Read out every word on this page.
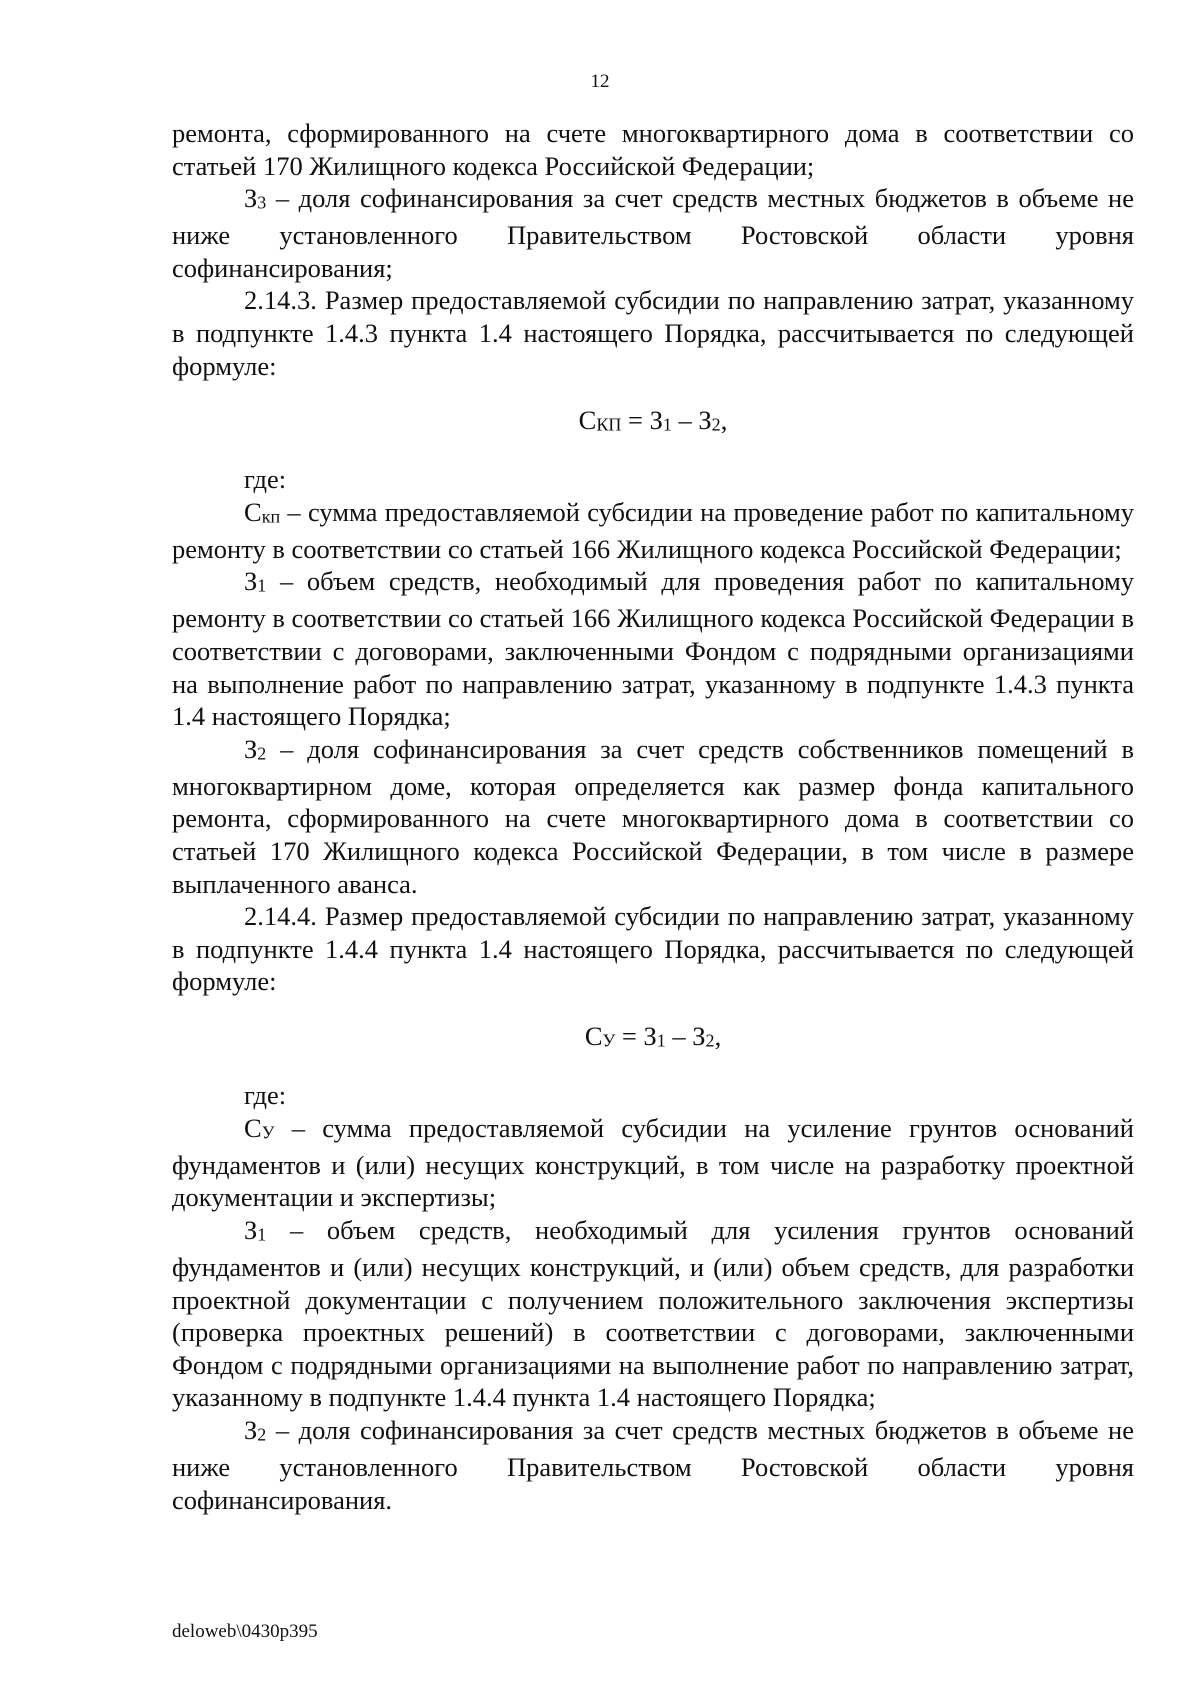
12

ремонта, сформированного на счете многоквартирного дома в соответствии со статьей 170 Жилищного кодекса Российской Федерации;

З3 – доля софинансирования за счет средств местных бюджетов в объеме не ниже установленного Правительством Ростовской области уровня софинансирования;

2.14.3. Размер предоставляемой субсидии по направлению затрат, указанному в подпункте 1.4.3 пункта 1.4 настоящего Порядка, рассчитывается по следующей формуле:

СКП = З1 – З2,

где:

Скп – сумма предоставляемой субсидии на проведение работ по капитальному ремонту в соответствии со статьей 166 Жилищного кодекса Российской Федерации;

З1 – объем средств, необходимый для проведения работ по капитальному ремонту в соответствии со статьей 166 Жилищного кодекса Российской Федерации в соответствии с договорами, заключенными Фондом с подрядными организациями на выполнение работ по направлению затрат, указанному в подпункте 1.4.3 пункта 1.4 настоящего Порядка;

З2 – доля софинансирования за счет средств собственников помещений в многоквартирном доме, которая определяется как размер фонда капитального ремонта, сформированного на счете многоквартирного дома в соответствии со статьей 170 Жилищного кодекса Российской Федерации, в том числе в размере выплаченного аванса.

2.14.4. Размер предоставляемой субсидии по направлению затрат, указанному в подпункте 1.4.4 пункта 1.4 настоящего Порядка, рассчитывается по следующей формуле:

СУ = З1 – З2,

где:

СУ – сумма предоставляемой субсидии на усиление грунтов оснований фундаментов и (или) несущих конструкций, в том числе на разработку проектной документации и экспертизы;

З1 – объем средств, необходимый для усиления грунтов оснований фундаментов и (или) несущих конструкций, и (или) объем средств, для разработки проектной документации с получением положительного заключения экспертизы (проверка проектных решений) в соответствии с договорами, заключенными Фондом с подрядными организациями на выполнение работ по направлению затрат, указанному в подпункте 1.4.4 пункта 1.4 настоящего Порядка;

З2 – доля софинансирования за счет средств местных бюджетов в объеме не ниже установленного Правительством Ростовской области уровня софинансирования.

deloweb\0430p395
